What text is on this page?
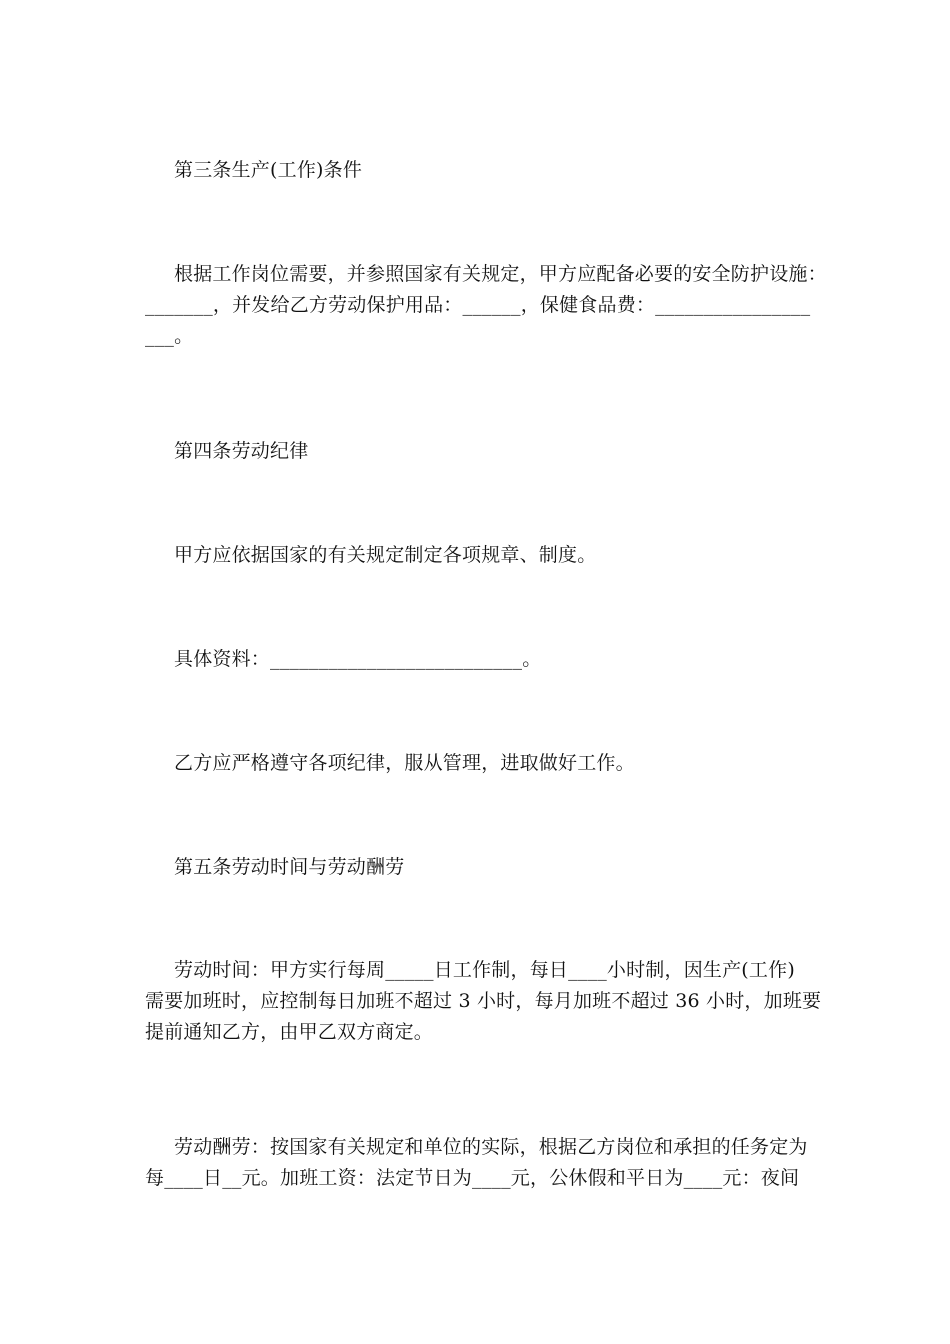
第三条生产(工作)条件

根据工作岗位需要，并参照国家有关规定，甲方应配备必要的安全防护设施：
_______，并发给乙方劳动保护用品：______，保健食品费：________________
___。

第四条劳动纪律

甲方应依据国家的有关规定制定各项规章、制度。

具体资料：__________________________。

乙方应严格遵守各项纪律，服从管理，进取做好工作。

第五条劳动时间与劳动酬劳

劳动时间：甲方实行每周_____日工作制，每日____小时制，因生产(工作)
需要加班时，应控制每日加班不超过 3 小时，每月加班不超过 36 小时，加班要
提前通知乙方，由甲乙双方商定。

劳动酬劳：按国家有关规定和单位的实际，根据乙方岗位和承担的任务定为
每____日__元。加班工资：法定节日为____元，公休假和平日为____元：夜间
